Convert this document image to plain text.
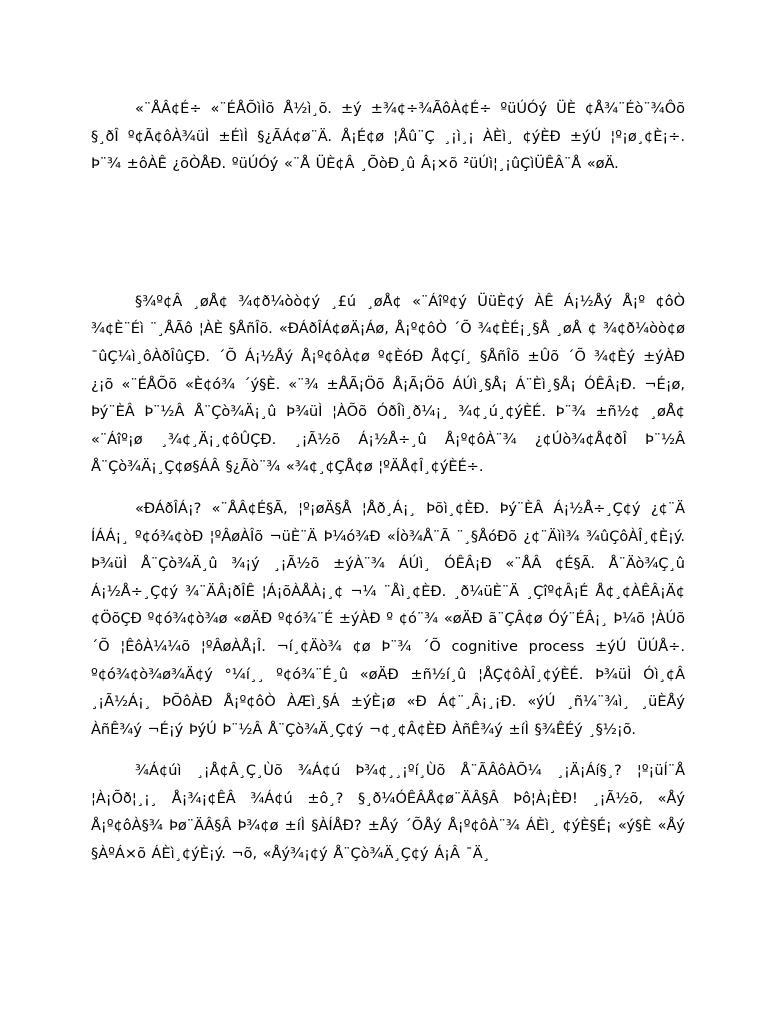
«¨ÅÂ¢É÷ «¨ÉÅÕìÌõ Å½ì¸õ. ±ý ±¾¢÷¾ÃôÀ¢É÷ ºüÚÓý ÜÈ ¢Å¾¨Éò¨¾Ôõ §¸ðÎ º¢Ã¢ôÀ¾üÌ ±ÉìÌ §¿ÃÁ¢ø¨Ä. Å¡É¢ø ¦Åû¨Ç ¸¡ì¸¡ ÀÈì¸ ¢ýÈÐ ±ýÚ ¦º¡ø¸¢È¡÷. Þ¨¾ ±ôÀÊ ¿õÒÅÐ. ºüÚÓý «¨Å ÜÈ¢Â ¸ÕòÐ¸û Â¡×õ ²üÚì¦¸¡ûÇìÜÊÂ¨Å «øÄ.

§¾º¢Â ¸øÅ¢ ¾¢ð¼òò¢ý ¸£ú ¸øÅ¢ «¨Áîº¢ý ÜüÈ¢ý ÀÊ Á¡½Åý Å¡º ¢ôÒ ¾¢È¨Éì ¨¸ÅÃô ¦ÀÈ §ÅñÎõ. «ÐÁðÎÁ¢øÄ¡Áø, Å¡º¢ôÒ ´Õ ¾¢ÈÉ¡¸§Å ¸øÅ ¢ ¾¢ð¼òò¢ø ¯ûÇ¼ì¸ôÀðÎûÇÐ. ´Õ Á¡½Åý Å¡º¢ôÀ¢ø º¢ÈóÐ Å¢Çí¸ §ÅñÎõ ±Ûõ ´Õ ¾¢Èý ±ýÀÐ ¿¡õ «¨ÉÅÕõ «È¢ó¾ ´ý§È. «¨¾ ±ÅÃ¡Öõ Å¡Ã¡Öõ ÁÚì¸§Å¡ Á¨Èì¸§Å¡ ÓÊÂ¡Ð. ¬É¡ø, Þý¨ÈÂ Þ¨½Â Å¨Çò¾Ä¡¸û Þ¾üÌ ¦ÀÕõ ÓðÎì¸ð¼¡¸ ¾¢¸ú¸¢ýÈÉ. Þ¨¾ ±ñ½¢ ¸øÅ¢ «¨Áîº¡ø ¸¾¢¸Ä¡¸¢ôÛÇÐ. ¸¡Ã½õ Á¡½Å÷¸û Å¡º¢ôÀ¨¾ ¿¢Úò¾¢Å¢ðÎ Þ¨½Â Å¨Çò¾Ä¡¸Ç¢ø§ÁÂ §¿Ãò¨¾ «¾¢¸¢ÇÅ¢ø ¦ºÄÅ¢Î¸¢ýÈÉ÷.

«ÐÁðÎÁ¡? «¨ÅÂ¢É§Ã, ¦º¡øÄ§Å ¦Åð¸Á¡¸ Þõì¸¢ÈÐ. Þý¨ÈÂ Á¡½Å÷¸Ç¢ý ¿¢¨Ä ÍÁÁ¡¸ º¢ó¾¢òÐ ¦ºÂøÀÎõ ¬üÈ¨Ä Þ¼ó¾Ð «Íò¾Å¨Ã ¨¸§ÅóÐõ ¿¢¨Äìì¾ ¾ûÇôÀÎ¸¢È¡ý. Þ¾üÌ Å¨Çò¾Ä¸û ¾¡ý ¸¡Ã½õ ±ýÀ¨¾ ÁÚì¸ ÓÊÂ¡Ð «¨ÅÂ ¢É§Ã. Å¨Äò¾Ç¸û Á¡½Å÷¸Ç¢ý ¾¨ÄÂ¡ðÎÊ ¦Á¡õÀÅÀ¡¸¢ ¬¼ ¨Åì¸¢ÈÐ. ¸ð¼üÈ¨Ä ¸Çîº¢Â¡É Å¢¸¢ÀÊÂ¡Ä¢¢ÖõÇÐ º¢ó¾¢ò¾ø «øÄÐ º¢ó¾¨É ±ýÀÐ º ¢ó¨¾ «øÄÐ ã¨ÇÂ¢ø Óý¨ÉÂ¡¸ Þ¼õ ¦ÀÚõ ´Õ ¦ÊôÀ¼¼õ ¦ºÂøÀÅ¡Î. ¬í¸¢Äò¾ ¢ø Þ¨¾ ´Õ cognitive process ±ýÚ ÜÚÅ÷. º¢ó¾¢ò¾ø¾Ä¢ý °¼í¸¸ º¢ó¾¨É¸û «øÄÐ ±ñ½í¸û ¦ÅÇ¢ôÀÎ¸¢ýÈÉ. Þ¾üÌ Óì¸¢Â ¸¡Ã½Á¡¸ ÞÕôÀÐ Å¡º¢ôÒ ÀÆì¸§Á ±ýÈ¡ø «Ð Á¢¨¸Â¡¸¡Ð. «ýÚ ¸ñ¼¨¾ì¸ ¸üÈÅý ÀñÊ¾ý ¬É¡ý ÞýÚ Þ¨½Â Å¨Çò¾Ä¸Ç¢ý ¬¢¸¢Â¢ÈÐ ÀñÊ¾ý ±íÌ §¾ÊÉý ¸§½¡õ.

¾Á¢úì ¸¡Å¢Â¸Ç¸Ùõ ¾Á¢ú Þ¾¢¸¸¡ºí¸Ùõ Å¨ÃÂôÀÕ¼ ¸¡Ä¡Áí§¸? ¦º¡üÍ¨Å ¦À¡Õð¦¸¡¸ Å¡¾¡¢ÊÂ ¾Á¢ú ±ô¸? §¸ð¼ÓÊÂÅ¢ø¨ÄÂ§Â Þô¦À¡ÈÐ! ¸¡Ã½õ, «Åý Å¡º¢ôÀ§¾ Þø¨ÄÂ§Â Þ¾¢ø ±íÌ §ÀÍÅÐ? ±Åý ´ÕÅý Å¡º¢ôÀ¨¾ ÁÈì¸ ¢ýÈ§É¡ «ý§È «Åý §ÀºÁ×õ ÁÈì¸¢ýÈ¡ý. ¬õ, «Åý¾¡¢ý Å¨Çò¾Ä¸Ç¢ý Á¡Â ¯Ä¸
